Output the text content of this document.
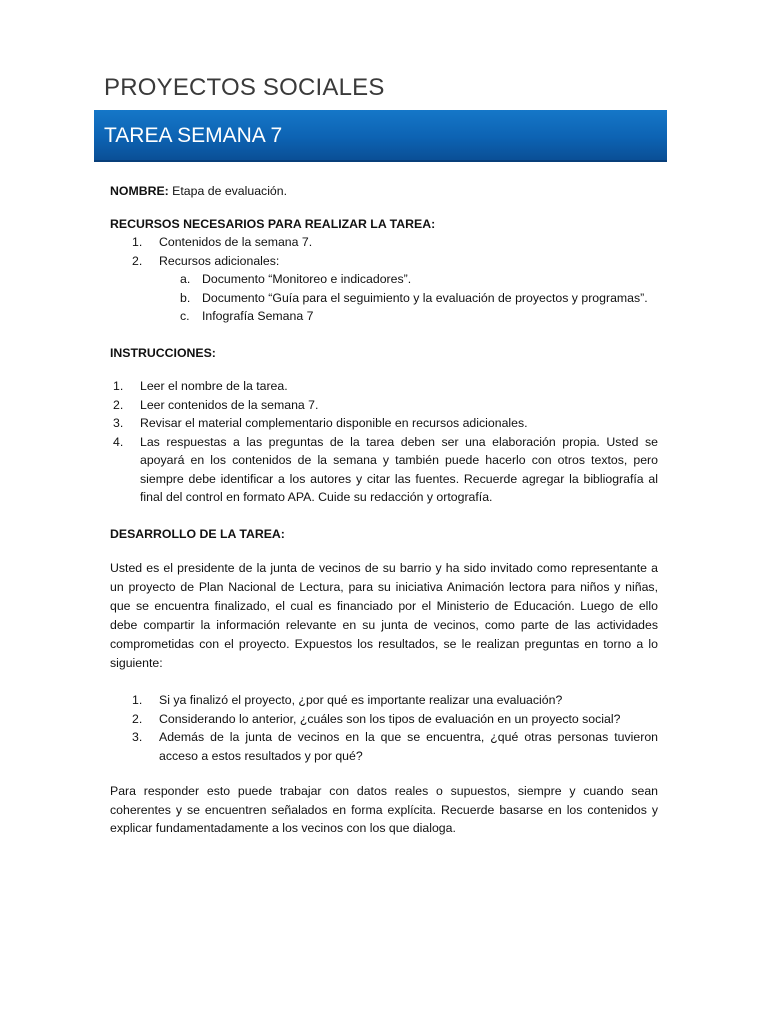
PROYECTOS SOCIALES
TAREA SEMANA 7

NOMBRE: Etapa de evaluación.

RECURSOS NECESARIOS PARA REALIZAR LA TAREA:

1.	Contenidos de la semana 7.
2.	Recursos adicionales:
a. Documento “Monitoreo e indicadores”.
b. Documento “Guía para el seguimiento y la evaluación de proyectos y programas”.
c.	Infografía Semana 7

INSTRUCCIONES:

1.	Leer el nombre de la tarea.
2.	Leer contenidos de la semana 7.
3.	Revisar el material complementario disponible en recursos adicionales.
4.	Las respuestas a las preguntas de la tarea deben ser una elaboración propia. Usted se apoyará en los contenidos de la semana y también puede hacerlo con otros textos, pero siempre debe identificar a los autores y citar las fuentes. Recuerde agregar la bibliografía al final del control en formato APA. Cuide su redacción y ortografía.

DESARROLLO DE LA TAREA:

Usted es el presidente de la junta de vecinos de su barrio y ha sido invitado como representante a un proyecto de Plan Nacional de Lectura, para su iniciativa Animación lectora para niños y niñas, que se encuentra finalizado, el cual es financiado por el Ministerio de Educación. Luego de ello debe compartir la información relevante en su junta de vecinos, como parte de las actividades comprometidas con el proyecto. Expuestos los resultados, se le realizan preguntas en torno a lo siguiente:

1.	Si ya finalizó el proyecto, ¿por qué es importante realizar una evaluación?
2.	Considerando lo anterior, ¿cuáles son los tipos de evaluación en un proyecto social?
3.	Además de la junta de vecinos en la que se encuentra, ¿qué otras personas tuvieron acceso a estos resultados y por qué?

Para responder esto puede trabajar con datos reales o supuestos, siempre y cuando sean coherentes y se encuentren señalados en forma explícita. Recuerde basarse en los contenidos y explicar fundamentadamente a los vecinos con los que dialoga.
